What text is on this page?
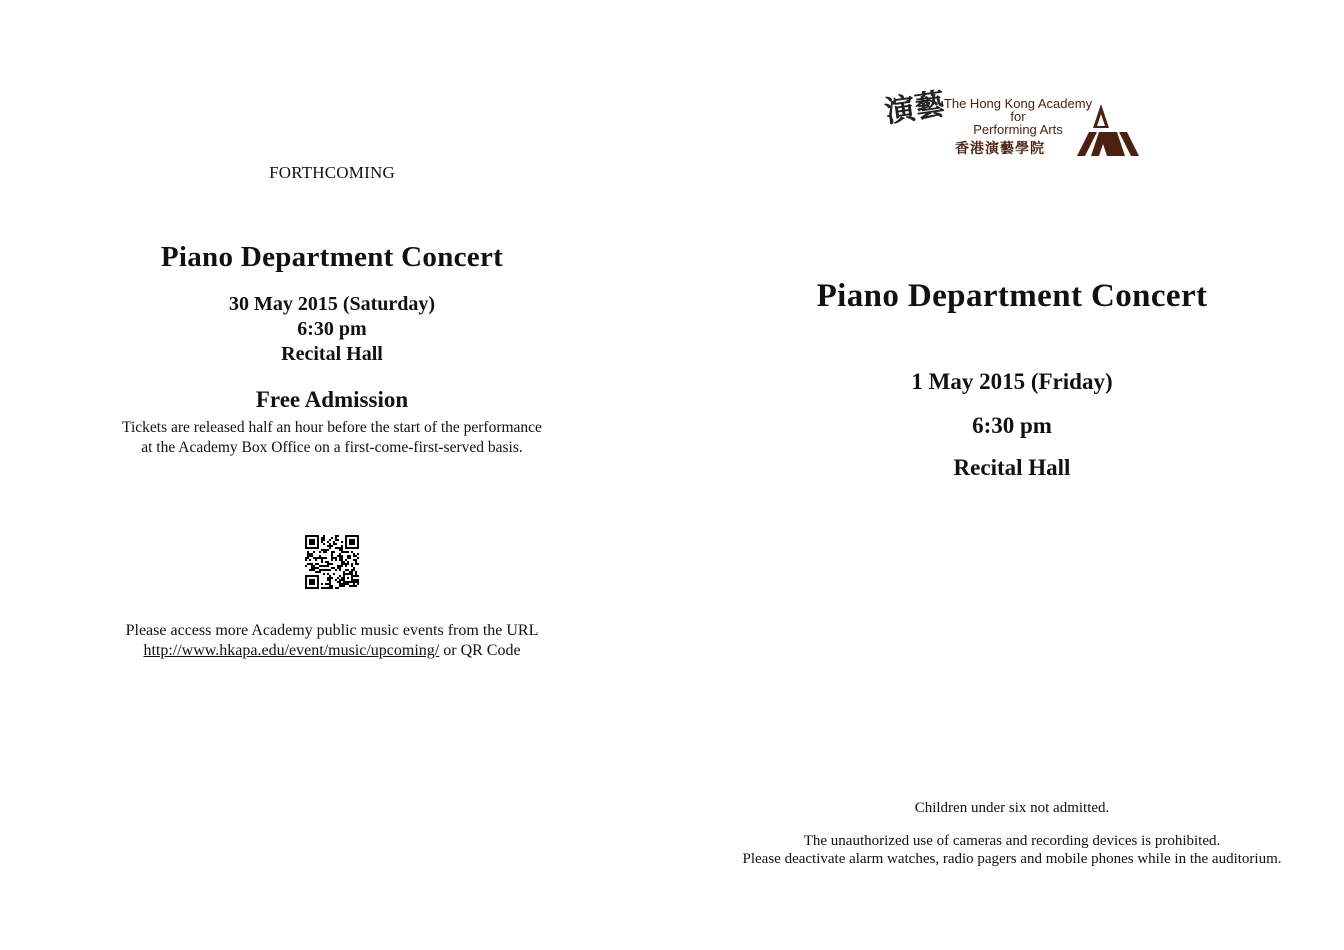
FORTHCOMING
Piano Department Concert
30 May 2015 (Saturday)
6:30 pm
Recital Hall
Free Admission
Tickets are released half an hour before the start of the performance
at the Academy Box Office on a first-come-first-served basis.
Please access more Academy public music events from the URL
http://www.hkapa.edu/event/music/upcoming/ or QR Code
演藝
The Hong Kong Academy
for
Performing Arts
香港演藝學院
Piano Department Concert
1 May 2015 (Friday)
6:30 pm
Recital Hall
Children under six not admitted.
The unauthorized use of cameras and recording devices is prohibited.
Please deactivate alarm watches, radio pagers and mobile phones while in the auditorium.
